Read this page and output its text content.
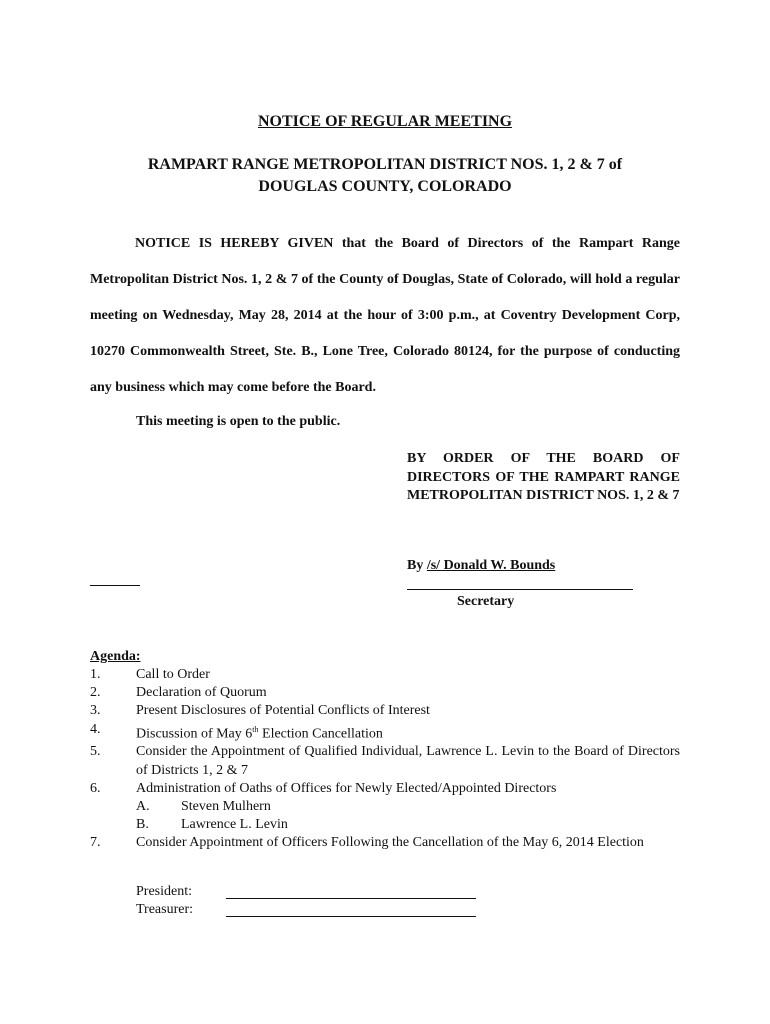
NOTICE OF REGULAR MEETING
RAMPART RANGE METROPOLITAN DISTRICT NOS. 1, 2 & 7 of
DOUGLAS COUNTY, COLORADO
NOTICE IS HEREBY GIVEN that the Board of Directors of the Rampart Range Metropolitan District Nos. 1, 2 & 7 of the County of Douglas, State of Colorado, will hold a regular meeting on Wednesday, May 28, 2014 at the hour of 3:00 p.m., at Coventry Development Corp, 10270 Commonwealth Street, Ste. B., Lone Tree, Colorado 80124, for the purpose of conducting any business which may come before the Board.
This meeting is open to the public.
BY ORDER OF THE BOARD OF DIRECTORS OF THE RAMPART RANGE METROPOLITAN DISTRICT NOS. 1, 2 & 7
By /s/ Donald W. Bounds
Secretary
Agenda:
1.	Call to Order
2.	Declaration of Quorum
3.	Present Disclosures of Potential Conflicts of Interest
4.	Discussion of May 6th Election Cancellation
5.	Consider the Appointment of Qualified Individual, Lawrence L. Levin to the Board of Directors of Districts 1, 2 & 7
6.	Administration of Oaths of Offices for Newly Elected/Appointed Directors
A. Steven Mulhern
B. Lawrence L. Levin
7.	Consider Appointment of Officers Following the Cancellation of the May 6, 2014 Election
President:
Treasurer:
